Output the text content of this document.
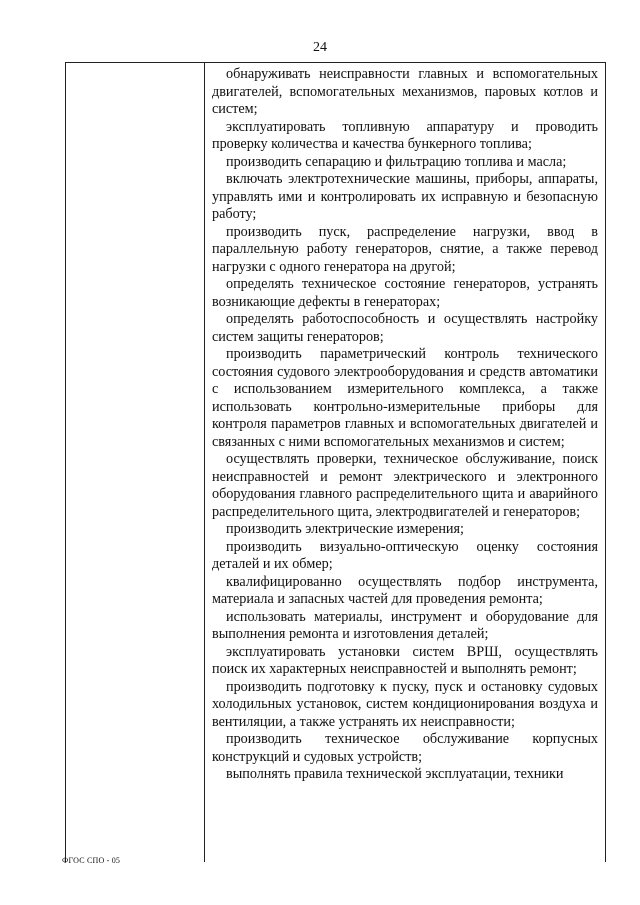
24

обнаруживать неисправности главных и вспомогательных двигателей, вспомогательных механизмов, паровых котлов и систем;

эксплуатировать топливную аппаратуру и проводить проверку количества и качества бункерного топлива;

производить сепарацию и фильтрацию топлива и масла;

включать электротехнические машины, приборы, аппараты, управлять ими и контролировать их исправную и безопасную работу;

производить пуск, распределение нагрузки, ввод в параллельную работу генераторов, снятие, а также перевод нагрузки с одного генератора на другой;

определять техническое состояние генераторов, устранять возникающие дефекты в генераторах;

определять работоспособность и осуществлять настройку систем защиты генераторов;

производить параметрический контроль технического состояния судового электрооборудования и средств автоматики с использованием измерительного комплекса, а также использовать контрольно-измерительные приборы для контроля параметров главных и вспомогательных двигателей и связанных с ними вспомогательных механизмов и систем;

осуществлять проверки, техническое обслуживание, поиск неисправностей и ремонт электрического и электронного оборудования главного распределительного щита и аварийного распределительного щита, электродвигателей и генераторов;

производить электрические измерения;

производить визуально-оптическую оценку состояния деталей и их обмер;

квалифицированно осуществлять подбор инструмента, материала и запасных частей для проведения ремонта;

использовать материалы, инструмент и оборудование для выполнения ремонта и изготовления деталей;

эксплуатировать установки систем ВРШ, осуществлять поиск их характерных неисправностей и выполнять ремонт;

производить подготовку к пуску, пуск и остановку судовых холодильных установок, систем кондиционирования воздуха и вентиляции, а также устранять их неисправности;

производить техническое обслуживание корпусных конструкций и судовых устройств;

выполнять правила технической эксплуатации, техники

ФГОС СПО - 05
